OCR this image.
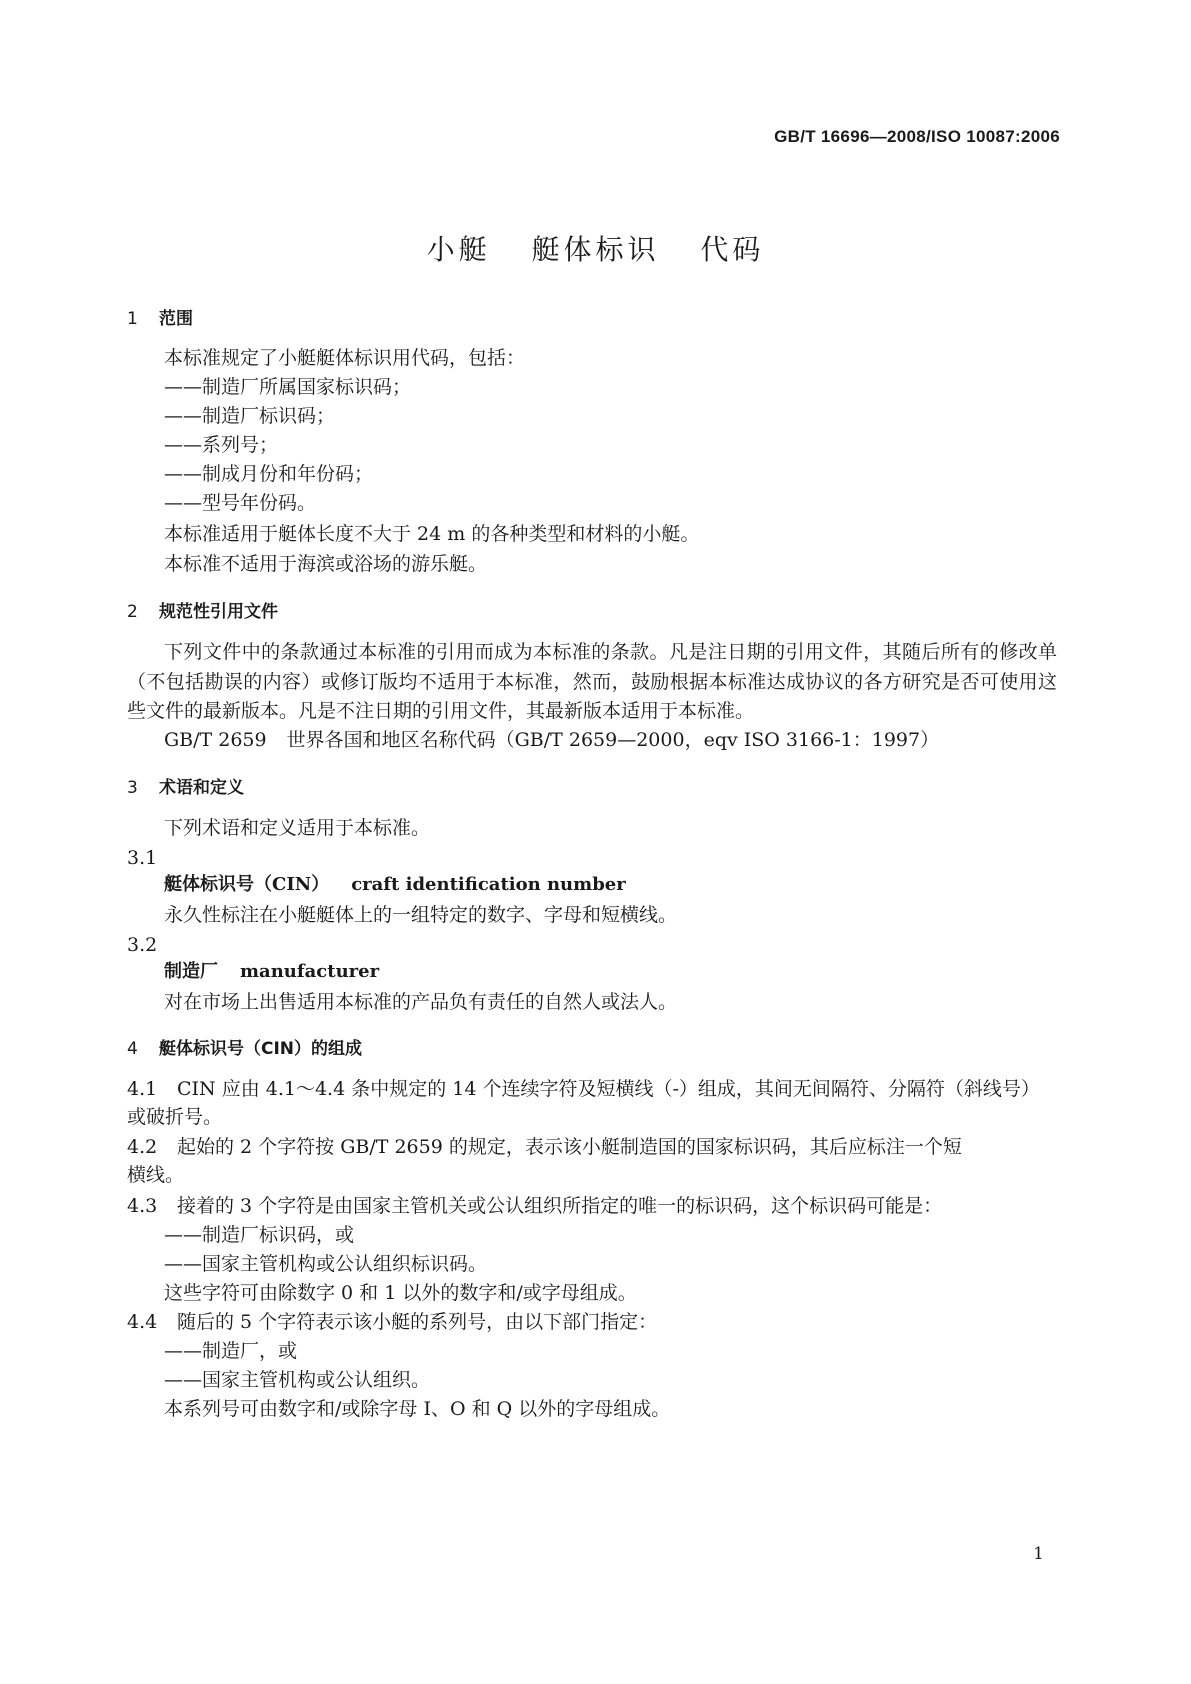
GB/T 16696—2008/ISO 10087:2006
小艇 艇体标识 代码
1 范围
本标准规定了小艇艇体标识用代码，包括：
——制造厂所属国家标识码；
——制造厂标识码；
——系列号；
——制成月份和年份码；
——型号年份码。
本标准适用于艇体长度不大于 24 m 的各种类型和材料的小艇。
本标准不适用于海滨或浴场的游乐艇。
2 规范性引用文件
下列文件中的条款通过本标准的引用而成为本标准的条款。凡是注日期的引用文件，其随后所有的修改单（不包括勘误的内容）或修订版均不适用于本标准，然而，鼓励根据本标准达成协议的各方研究是否可使用这些文件的最新版本。凡是不注日期的引用文件，其最新版本适用于本标准。
GB/T 2659 世界各国和地区名称代码（GB/T 2659—2000，eqv ISO 3166-1：1997）
3 术语和定义
下列术语和定义适用于本标准。
3.1
艇体标识号（CIN） craft identification number
永久性标注在小艇艇体上的一组特定的数字、字母和短横线。
3.2
制造厂 manufacturer
对在市场上出售适用本标准的产品负有责任的自然人或法人。
4 艇体标识号（CIN）的组成
4.1 CIN 应由 4.1～4.4 条中规定的 14 个连续字符及短横线（-）组成，其间无间隔符、分隔符（斜线号）
或破折号。
4.2 起始的 2 个字符按 GB/T 2659 的规定，表示该小艇制造国的国家标识码，其后应标注一个短
横线。
4.3 接着的 3 个字符是由国家主管机关或公认组织所指定的唯一的标识码，这个标识码可能是：
——制造厂标识码，或
——国家主管机构或公认组织标识码。
这些字符可由除数字 0 和 1 以外的数字和/或字母组成。
4.4 随后的 5 个字符表示该小艇的系列号，由以下部门指定：
——制造厂，或
——国家主管机构或公认组织。
本系列号可由数字和/或除字母 I、O 和 Q 以外的字母组成。
1
